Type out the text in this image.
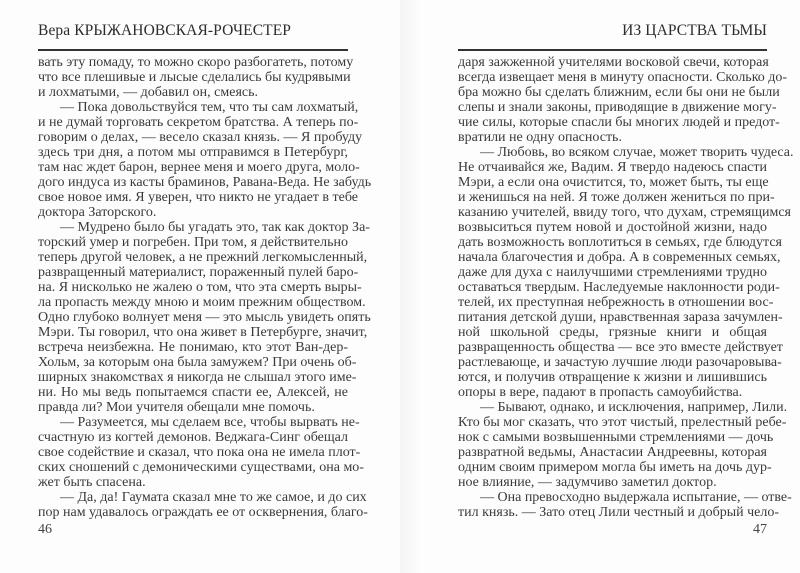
Вера КРЫЖАНОВСКАЯ-РОЧЕСТЕР
вать эту помаду, то можно скоро разбогатеть, потому
что все плешивые и лысые сделались бы кудрявыми
и лохматыми, — добавил он, смеясь.
— Пока довольствуйся тем, что ты сам лохматый,
и не думай торговать секретом братства. А теперь по-
говорим о делах, — весело сказал князь. — Я пробуду
здесь три дня, а потом мы отправимся в Петербург,
там нас ждет барон, вернее меня и моего друга, моло-
дого индуса из касты браминов, Равана-Веда. Не забудь
свое новое имя. Я уверен, что никто не угадает в тебе
доктора Заторского.
— Мудрено было бы угадать это, так как доктор За-
торский умер и погребен. При том, я действительно
теперь другой человек, а не прежний легкомысленный,
развращенный материалист, пораженный пулей баро-
на. Я нисколько не жалею о том, что эта смерть выры-
ла пропасть между мною и моим прежним обществом.
Одно глубоко волнует меня — это мысль увидеть опять
Мэри. Ты говорил, что она живет в Петербурге, значит,
встреча неизбежна. Не понимаю, кто этот Ван-дер-
Хольм, за которым она была замужем? При очень об-
ширных знакомствах я никогда не слышал этого име-
ни. Но мы ведь попытаемся спасти ее, Алексей, не
правда ли? Мои учителя обещали мне помочь.
— Разумеется, мы сделаем все, чтобы вырвать не-
счастную из когтей демонов. Веджага-Синг обещал
свое содействие и сказал, что пока она не имела плот-
ских сношений с демоническими существами, она мо-
жет быть спасена.
— Да, да! Гаумата сказал мне то же самое, и до сих
пор нам удавалось ограждать ее от осквернения, благо-
46
ИЗ ЦАРСТВА ТЬМЫ
даря зажженной учителями восковой свечи, которая
всегда извещает меня в минуту опасности. Сколько до-
бра можно бы сделать ближним, если бы они не были
слепы и знали законы, приводящие в движение могу-
чие силы, которые спасли бы многих людей и предот-
вратили не одну опасность.
— Любовь, во всяком случае, может творить чудеса.
Не отчаивайся же, Вадим. Я твердо надеюсь спасти
Мэри, а если она очистится, то, может быть, ты еще
и женишься на ней. Я тоже должен жениться по при-
казанию учителей, ввиду того, что духам, стремящимся
возвыситься путем новой и достойной жизни, надо
дать возможность воплотиться в семьях, где блюдутся
начала благочестия и добра. А в современных семьях,
даже для духа с наилучшими стремлениями трудно
оставаться твердым. Наследуемые наклонности роди-
телей, их преступная небрежность в отношении вос-
питания детской души, нравственная зараза зачумлен-
ной школьной среды, грязные книги и общая
развращенность общества — все это вместе действует
растлевающе, и зачастую лучшие люди разочаровыва-
ются, и получив отвращение к жизни и лишившись
опоры в вере, падают в пропасть самоубийства.
— Бывают, однако, и исключения, например, Лили.
Кто бы мог сказать, что этот чистый, прелестный ребе-
нок с самыми возвышенными стремлениями — дочь
развратной ведьмы, Анастасии Андреевны, которая
одним своим примером могла бы иметь на дочь дур-
ное влияние, — задумчиво заметил доктор.
— Она превосходно выдержала испытание, — отве-
тил князь. — Зато отец Лили честный и добрый чело-
47
